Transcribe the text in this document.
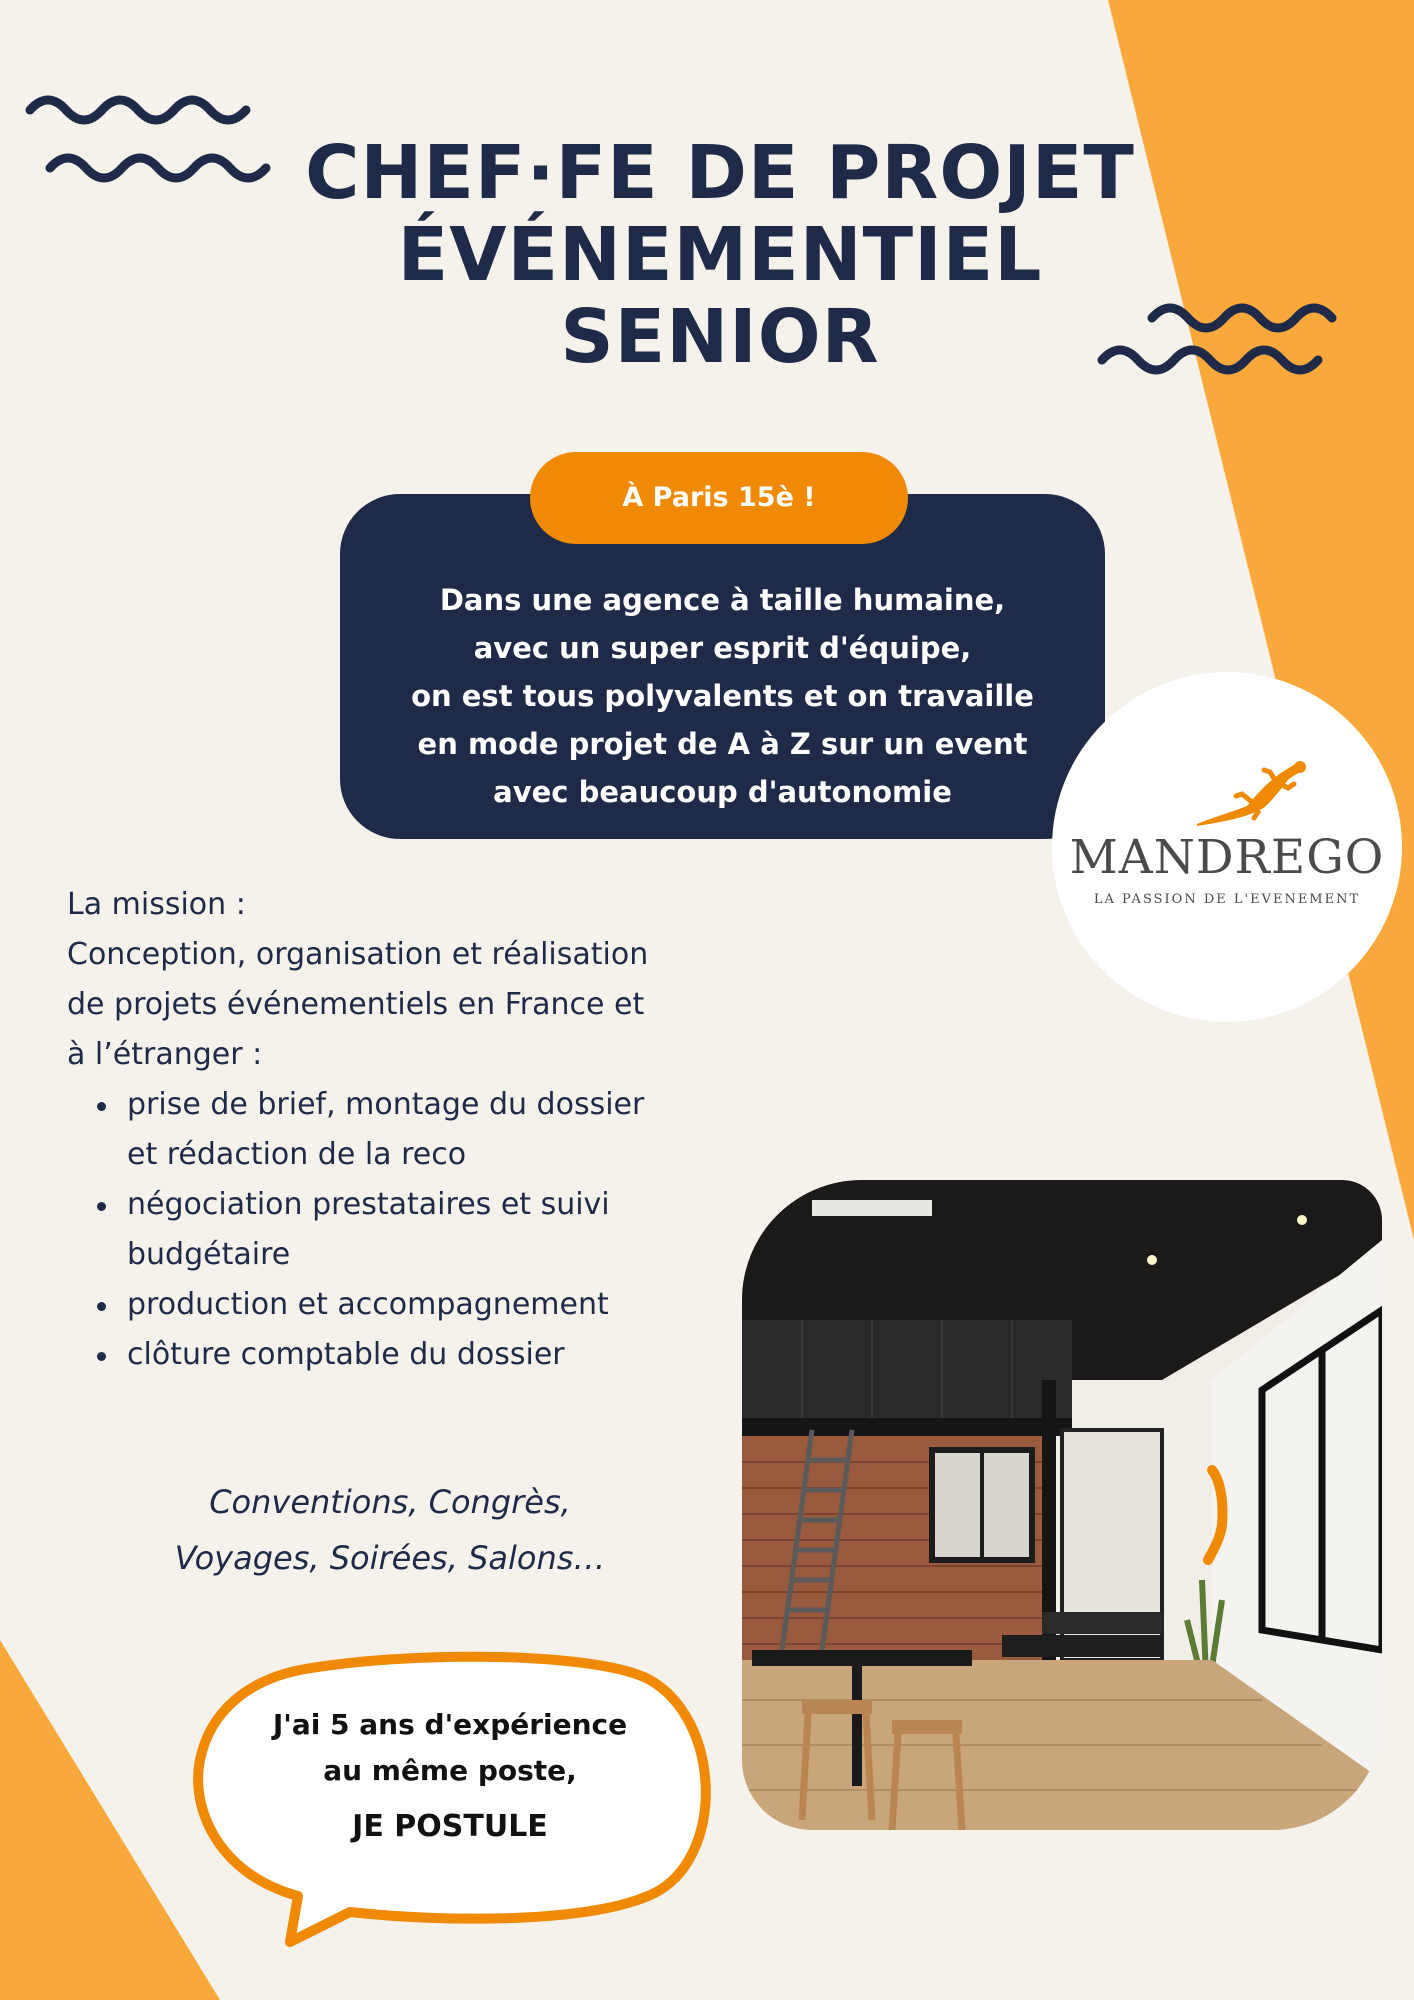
CHEF·FE DE PROJET
ÉVÉNEMENTIEL
SENIOR
À Paris 15è !
Dans une agence à taille humaine,
avec un super esprit d'équipe,
on est tous polyvalents et on travaille
en mode projet de A à Z sur un event
avec beaucoup d'autonomie
MANDREGO
LA PASSION DE L'EVENEMENT
La mission :
Conception, organisation et réalisation
de projets événementiels en France et
à l’étranger :
prise de brief, montage du dossier
et rédaction de la reco
négociation prestataires et suivi
budgétaire
production et accompagnement
clôture comptable du dossier
Conventions, Congrès,
Voyages, Soirées, Salons…
J'ai 5 ans d'expérience
au même poste,
JE POSTULE
